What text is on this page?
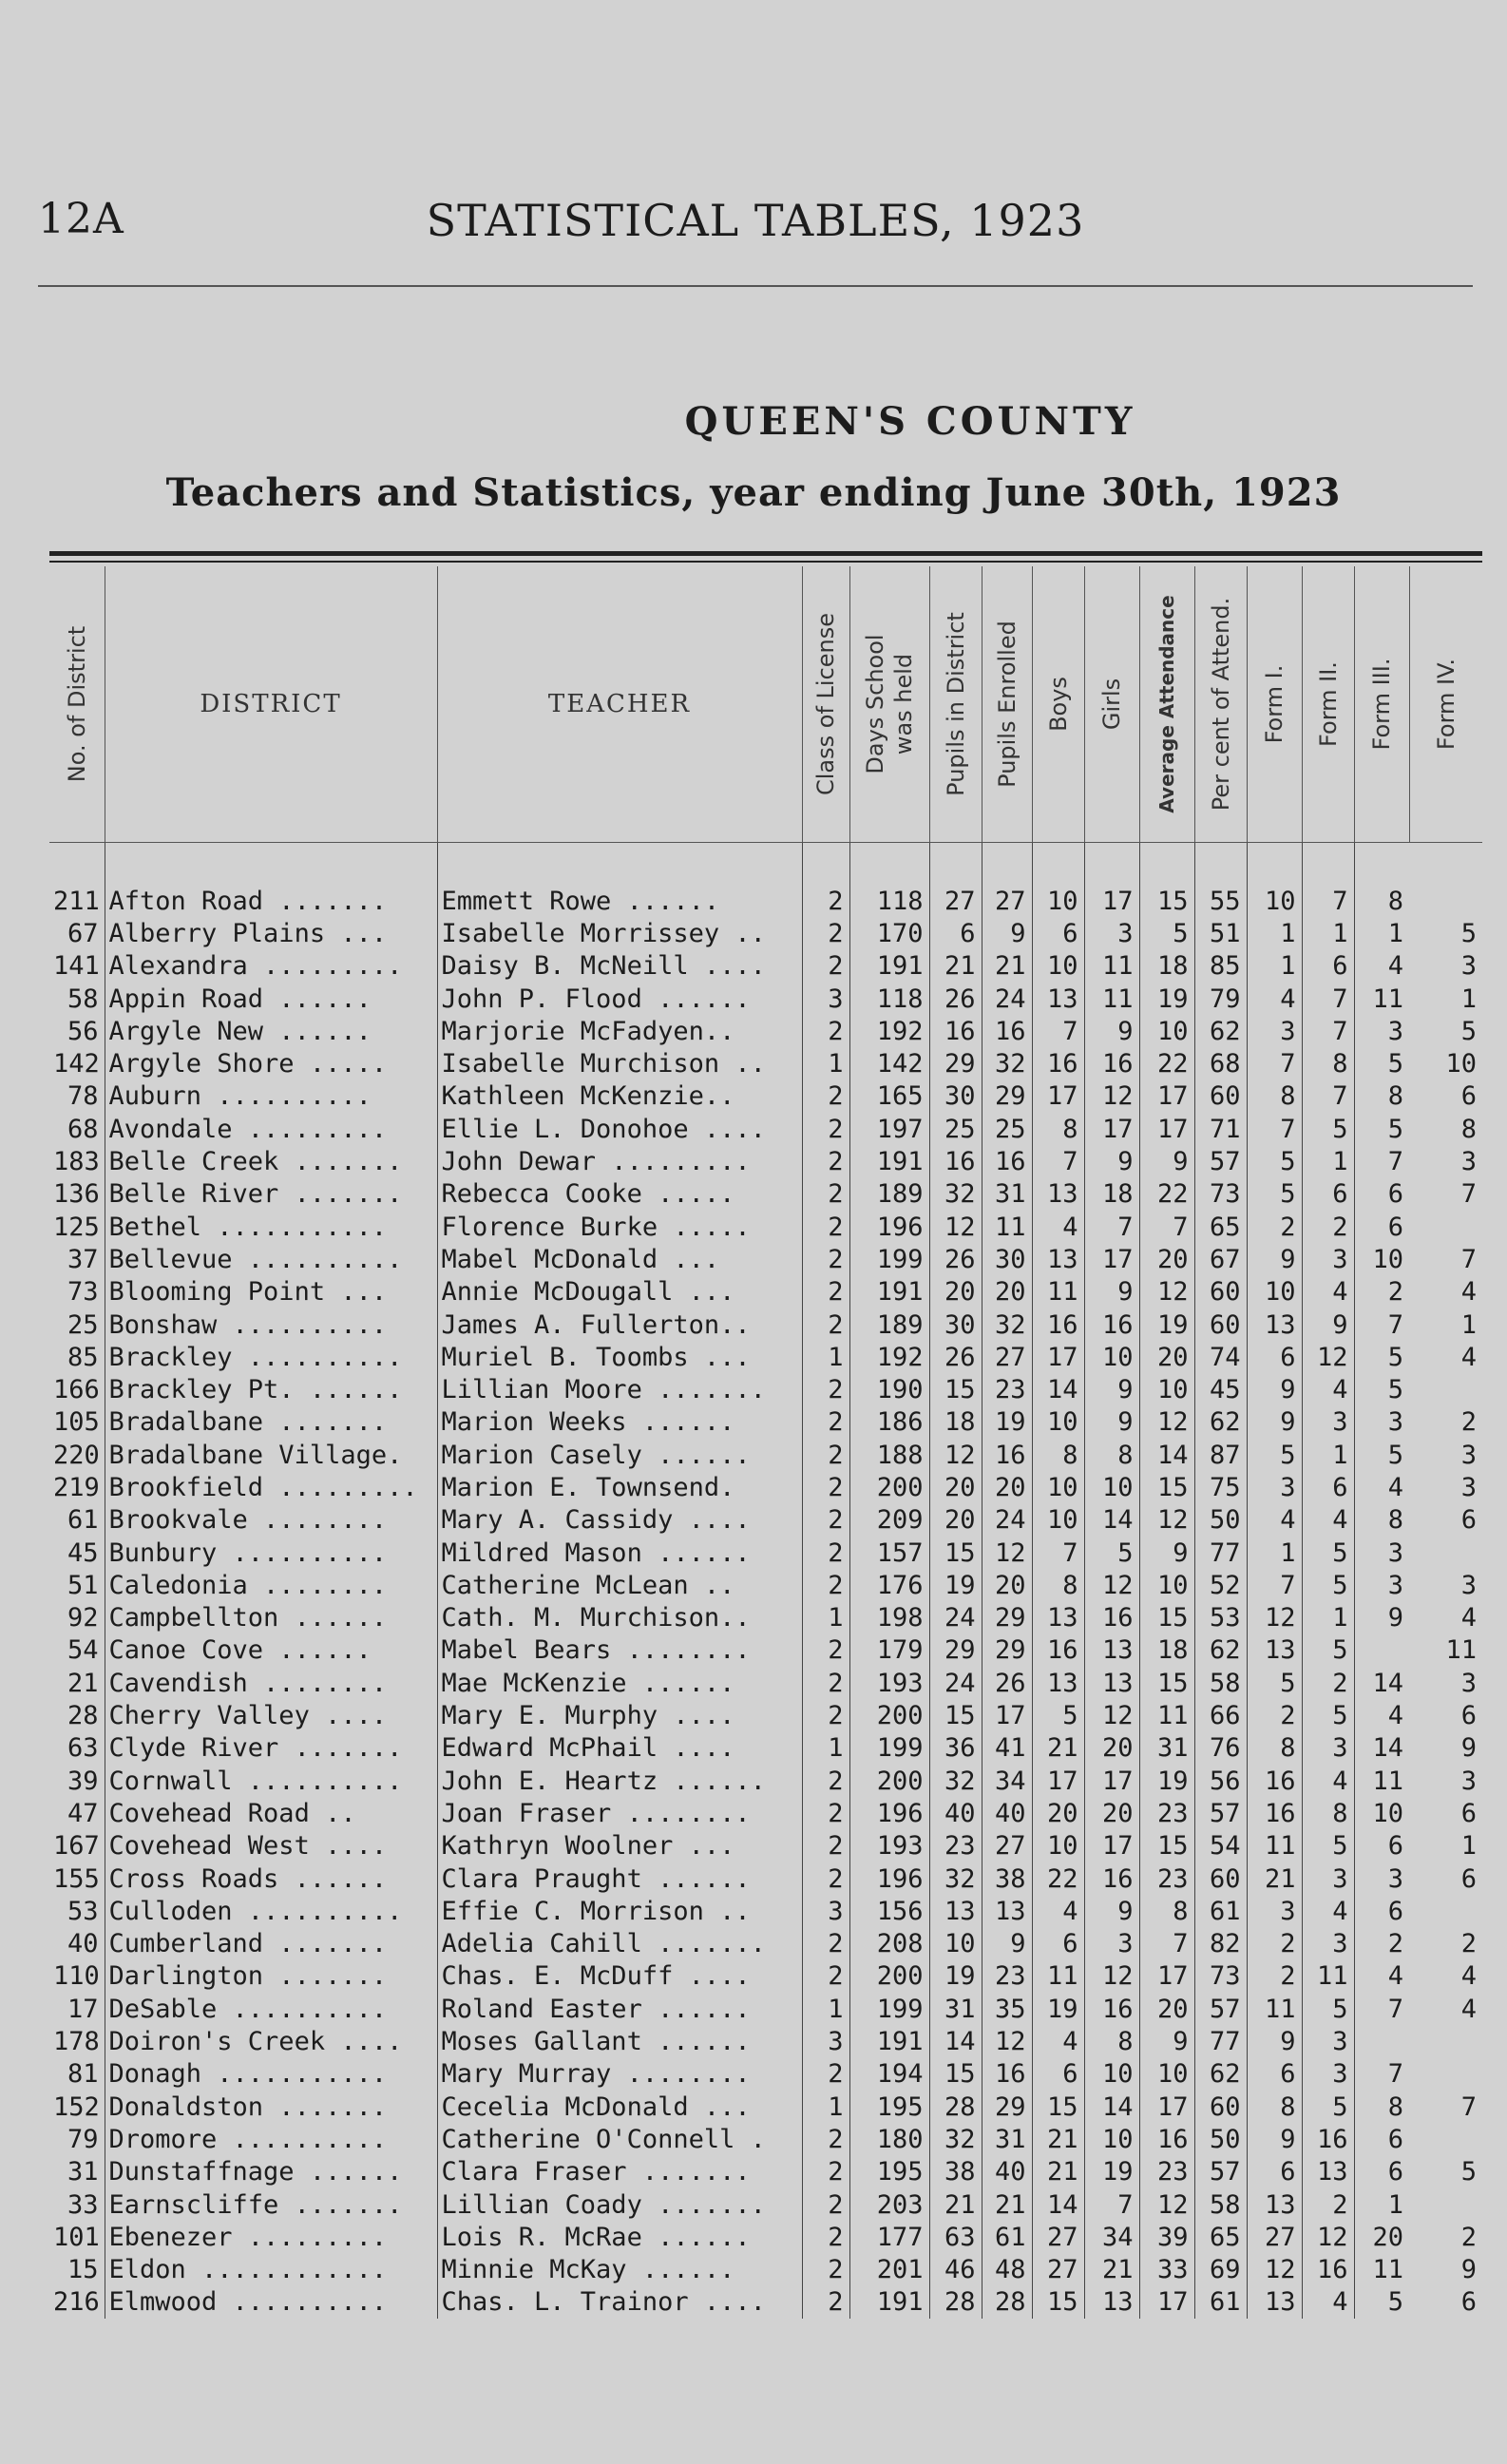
12A	STATISTICAL TABLES, 1923
QUEEN'S COUNTY
Teachers and Statistics, year ending June 30th, 1923
No. of District	DISTRICT	TEACHER	Class of License	Days School was held	Pupils in District	Pupils Enrolled	Boys	Girls	Average Attendance	Per cent of Attend.	Form I.	Form II.	Form III.	Form IV.

211	Afton Road .......	Emmett Rowe ......	2	118	27	27	10	17	15	55	10	7	8	
67	Alberry Plains ...	Isabelle Morrissey ..	2	170	6	9	6	3	5	51	1	1	1	5
141	Alexandra .........	Daisy B. McNeill ....	2	191	21	21	10	11	18	85	1	6	4	3
58	Appin Road ......	John P. Flood ......	3	118	26	24	13	11	19	79	4	7	11	1
56	Argyle New ......	Marjorie McFadyen..	2	192	16	16	7	9	10	62	3	7	3	5
142	Argyle Shore .....	Isabelle Murchison ..	1	142	29	32	16	16	22	68	7	8	5	10
78	Auburn ..........	Kathleen McKenzie..	2	165	30	29	17	12	17	60	8	7	8	6
68	Avondale .........	Ellie L. Donohoe ....	2	197	25	25	8	17	17	71	7	5	5	8
183	Belle Creek .......	John Dewar .........	2	191	16	16	7	9	9	57	5	1	7	3
136	Belle River .......	Rebecca Cooke .....	2	189	32	31	13	18	22	73	5	6	6	7
125	Bethel ...........	Florence Burke .....	2	196	12	11	4	7	7	65	2	2	6	
37	Bellevue ..........	Mabel McDonald ...	2	199	26	30	13	17	20	67	9	3	10	7
73	Blooming Point ...	Annie McDougall ...	2	191	20	20	11	9	12	60	10	4	2	4
25	Bonshaw ..........	James A. Fullerton..	2	189	30	32	16	16	19	60	13	9	7	1
85	Brackley ..........	Muriel B. Toombs ...	1	192	26	27	17	10	20	74	6	12	5	4
166	Brackley Pt. ......	Lillian Moore .......	2	190	15	23	14	9	10	45	9	4	5	
105	Bradalbane .......	Marion Weeks ......	2	186	18	19	10	9	12	62	9	3	3	2
220	Bradalbane Village.	Marion Casely ......	2	188	12	16	8	8	14	87	5	1	5	3
219	Brookfield .........	Marion E. Townsend.	2	200	20	20	10	10	15	75	3	6	4	3
61	Brookvale ........	Mary A. Cassidy ....	2	209	20	24	10	14	12	50	4	4	8	6
45	Bunbury ..........	Mildred Mason ......	2	157	15	12	7	5	9	77	1	5	3	
51	Caledonia ........	Catherine McLean ..	2	176	19	20	8	12	10	52	7	5	3	3
92	Campbellton ......	Cath. M. Murchison..	1	198	24	29	13	16	15	53	12	1	9	4
54	Canoe Cove ......	Mabel Bears ........	2	179	29	29	16	13	18	62	13	5		11
21	Cavendish ........	Mae McKenzie ......	2	193	24	26	13	13	15	58	5	2	14	3
28	Cherry Valley ....	Mary E. Murphy ....	2	200	15	17	5	12	11	66	2	5	4	6
63	Clyde River .......	Edward McPhail ....	1	199	36	41	21	20	31	76	8	3	14	9
39	Cornwall ..........	John E. Heartz ......	2	200	32	34	17	17	19	56	16	4	11	3
47	Covehead Road ..	Joan Fraser ........	2	196	40	40	20	20	23	57	16	8	10	6
167	Covehead West ....	Kathryn Woolner ...	2	193	23	27	10	17	15	54	11	5	6	1
155	Cross Roads ......	Clara Praught ......	2	196	32	38	22	16	23	60	21	3	3	6
53	Culloden ..........	Effie C. Morrison ..	3	156	13	13	4	9	8	61	3	4	6	
40	Cumberland .......	Adelia Cahill .......	2	208	10	9	6	3	7	82	2	3	2	2
110	Darlington .......	Chas. E. McDuff ....	2	200	19	23	11	12	17	73	2	11	4	4
17	DeSable ..........	Roland Easter ......	1	199	31	35	19	16	20	57	11	5	7	4
178	Doiron's Creek ....	Moses Gallant ......	3	191	14	12	4	8	9	77	9	3		
81	Donagh ...........	Mary Murray ........	2	194	15	16	6	10	10	62	6	3	7	
152	Donaldston .......	Cecelia McDonald ...	1	195	28	29	15	14	17	60	8	5	8	7
79	Dromore ..........	Catherine O'Connell .	2	180	32	31	21	10	16	50	9	16	6	
31	Dunstaffnage ......	Clara Fraser .......	2	195	38	40	21	19	23	57	6	13	6	5
33	Earnscliffe .......	Lillian Coady .......	2	203	21	21	14	7	12	58	13	2	1	
101	Ebenezer .........	Lois R. McRae ......	2	177	63	61	27	34	39	65	27	12	20	2
15	Eldon ............	Minnie McKay ......	2	201	46	48	27	21	33	69	12	16	11	9
216	Elmwood ..........	Chas. L. Trainor ....	2	191	28	28	15	13	17	61	13	4	5	6
